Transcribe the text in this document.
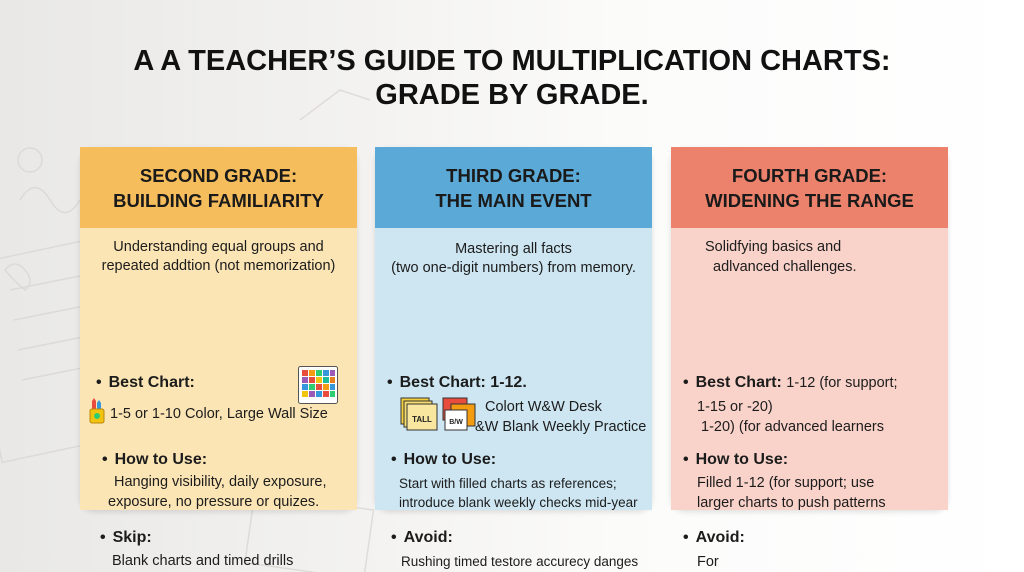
A A TEACHER’S GUIDE TO MULTIPLICATION CHARTS:
GRADE BY GRADE.
SECOND GRADE:
BUILDING FAMILIARITY
Understanding equal groups and
repeated addtion (not memorization)
• Best Chart:
1-5 or 1-10 Color, Large Wall Size
• How to Use:
Hanging visibility, daily exposure,
exposure, no pressure or quizes.
• Skip:
Blank charts and timed drills
THIRD GRADE:
THE MAIN EVENT
Mastering all facts
(two one-digit numbers) from memory.
• Best Chart: 1-12.
TALL B/W
Colort W&W Desk
&W Blank Weekly Practice
• How to Use:
Start with filled charts as references;
introduce blank weekly checks mid-year
• Avoid:
Rushing timed testore accurecy danges
FOURTH GRADE:
WIDENING THE RANGE
Solidfying basics and
adlvanced challenges.
• Best Chart: 1-12 (for support;
1-15 or -20)
1-20) (for advanced learners
• How to Use:
Filled 1-12 (for support; use
larger charts to push patterns
• Avoid:
For
